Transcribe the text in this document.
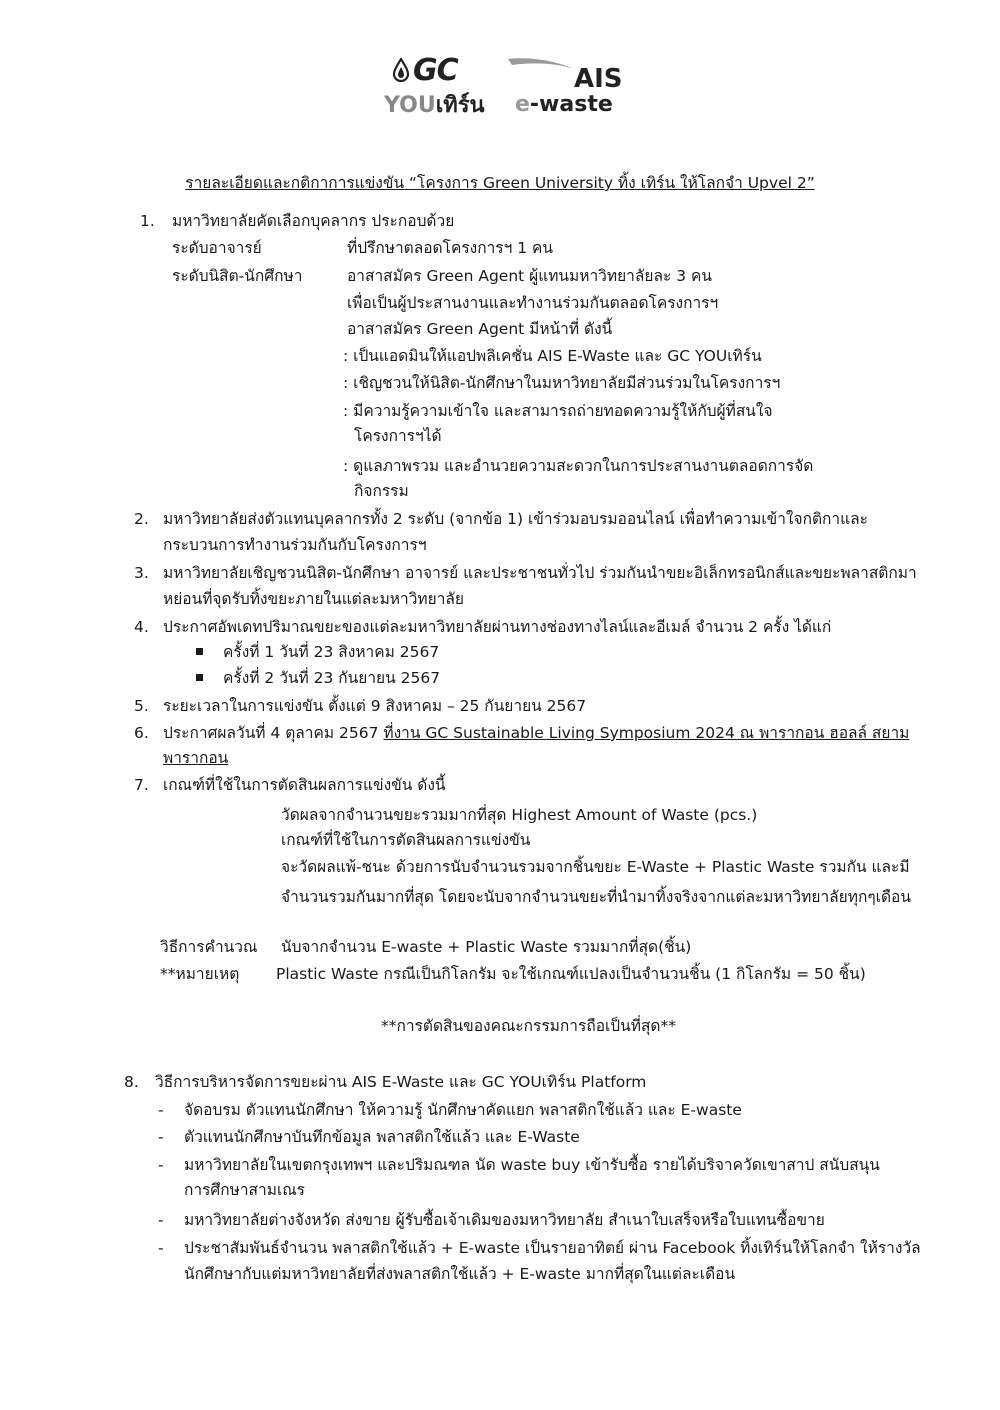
GC
YOUเทิร์น
AIS
e-waste
รายละเอียดและกติกาการแข่งขัน “โครงการ Green University ทิ้ง เทิร์น ให้โลกจำ Upvel 2”
1. มหาวิทยาลัยคัดเลือกบุคลากร ประกอบด้วย
ระดับอาจารย์	ที่ปรึกษาตลอดโครงการฯ 1 คน
ระดับนิสิต-นักศึกษา	อาสาสมัคร Green Agent ผู้แทนมหาวิทยาลัยละ 3 คน
เพื่อเป็นผู้ประสานงานและทำงานร่วมกันตลอดโครงการฯ
อาสาสมัคร Green Agent มีหน้าที่ ดังนี้
: เป็นแอดมินให้แอปพลิเคชั่น AIS E-Waste และ GC YOUเทิร์น
: เชิญชวนให้นิสิต-นักศึกษาในมหาวิทยาลัยมีส่วนร่วมในโครงการฯ
: มีความรู้ความเข้าใจ และสามารถถ่ายทอดความรู้ให้กับผู้ที่สนใจ
โครงการฯได้
: ดูแลภาพรวม และอำนวยความสะดวกในการประสานงานตลอดการจัด
กิจกรรม
2. มหาวิทยาลัยส่งตัวแทนบุคลากรทั้ง 2 ระดับ (จากข้อ 1) เข้าร่วมอบรมออนไลน์ เพื่อทำความเข้าใจกติกาและ
กระบวนการทำงานร่วมกันกับโครงการฯ
3. มหาวิทยาลัยเชิญชวนนิสิต-นักศึกษา อาจารย์ และประชาชนทั่วไป ร่วมกันนำขยะอิเล็กทรอนิกส์และขยะพลาสติกมา
หย่อนที่จุดรับทิ้งขยะภายในแต่ละมหาวิทยาลัย
4. ประกาศอัพเดทปริมาณขยะของแต่ละมหาวิทยาลัยผ่านทางช่องทางไลน์และอีเมล์ จำนวน 2 ครั้ง ได้แก่
ครั้งที่ 1 วันที่ 23 สิงหาคม 2567
ครั้งที่ 2 วันที่ 23 กันยายน 2567
5. ระยะเวลาในการแข่งขัน ตั้งแต่ 9 สิงหาคม – 25 กันยายน 2567
6. ประกาศผลวันที่ 4 ตุลาคม 2567 ที่งาน GC Sustainable Living Symposium 2024 ณ พารากอน ฮอลล์ สยาม
พารากอน
7. เกณฑ์ที่ใช้ในการตัดสินผลการแข่งขัน ดังนี้
วัดผลจากจำนวนขยะรวมมากที่สุด Highest Amount of Waste (pcs.)
เกณฑ์ที่ใช้ในการตัดสินผลการแข่งขัน
จะวัดผลแพ้-ชนะ ด้วยการนับจำนวนรวมจากชิ้นขยะ E-Waste + Plastic Waste รวมกัน และมี
จำนวนรวมกันมากที่สุด โดยจะนับจากจำนวนขยะที่นำมาทิ้งจริงจากแต่ละมหาวิทยาลัยทุกๆเดือน
วิธีการคำนวณ นับจากจำนวน E-waste + Plastic Waste รวมมากที่สุด(ชิ้น)
**หมายเหตุ Plastic Waste กรณีเป็นกิโลกรัม จะใช้เกณฑ์แปลงเป็นจำนวนชิ้น (1 กิโลกรัม = 50 ชิ้น)
**การตัดสินของคณะกรรมการถือเป็นที่สุด**
8. วิธีการบริหารจัดการขยะผ่าน AIS E-Waste และ GC YOUเทิร์น Platform
- จัดอบรม ตัวแทนนักศึกษา ให้ความรู้ นักศึกษาคัดแยก พลาสติกใช้แล้ว และ E-waste
- ตัวแทนนักศึกษาบันทึกข้อมูล พลาสติกใช้แล้ว และ E-Waste
- มหาวิทยาลัยในเขตกรุงเทพฯ และปริมณฑล นัด waste buy เข้ารับซื้อ รายได้บริจาควัดเขาสาป สนับสนุน
การศึกษาสามเณร
- มหาวิทยาลัยต่างจังหวัด ส่งขาย ผู้รับซื้อเจ้าเดิมของมหาวิทยาลัย สำเนาใบเสร็จหรือใบแทนซื้อขาย
- ประชาสัมพันธ์จำนวน พลาสติกใช้แล้ว + E-waste เป็นรายอาทิตย์ ผ่าน Facebook ทิ้งเทิร์นให้โลกจำ ให้รางวัล
นักศึกษากับแต่มหาวิทยาลัยที่ส่งพลาสติกใช้แล้ว + E-waste มากที่สุดในแต่ละเดือน
